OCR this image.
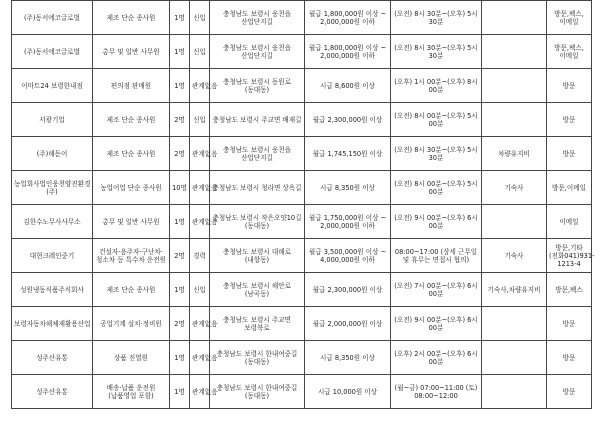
(주)동서에코글로벌	제조 단순 종사원	1명	신입	충청남도 보령시 웅천읍 산업단지길	월급 1,800,000원 이상 ~ 2,000,000원 이하	(오전) 8시 30분~(오후) 5시 30분		방문,팩스,이메일
(주)동서에코글로벌	총무 및 일반 사무원	1명	신입	충청남도 보령시 웅천읍 산업단지길	월급 1,800,000원 이상 ~ 2,000,000원 이하	(오전) 8시 30분~(오후) 5시 30분		방문,팩스,이메일
이마트24 보령한내점	편의점 판매원	1명	관계없음	충청남도 보령시 동원로 (동대동)	시급 8,600원 이상	(오후) 1시 00분~(오후) 8시 00분		방문
서광기업	제조 단순 종사원	2명	신입	충청남도 보령시 주교면 배재길	월급 2,300,000원 이상	(오전) 8시 00분~(오후) 5시 00분		방문
(주)해돋이	제조 단순 종사원	2명	관계없음	충청남도 보령시 웅천읍 산업단지길	월급 1,745,150원 이상	(오전) 8시 30분~(오후) 5시 30분	차량유지비	방문
농업회사법인웅천양진환경(주)	농업어업 단순 종사원	10명	관계없음	충청남도 보령시 청라면 상옥길	시급 8,350원 이상	(오전) 8시 00분~(오후) 5시 00분	기숙사	방문,이메일
김한수노무사사무소	총무 및 일반 사무원	1명	관계없음	충청남도 보령시 작은오얏10길 (동대동)	월급 1,750,000원 이상 ~ 2,000,000원 이하	(오전) 9시 00분~(오후) 6시 00분		이메일
대현크레인중기	건설자·음주자·구난차·청소차 등 특수차 운전원	2명	경력	충청남도 보령시 대해로 (내항동)	월급 3,500,000원 이상 ~ 4,000,000원 이하	08:00~17:00 (상세 근무일 및 휴무는 면접시 협의)	기숙사	방문,기타(전화041)931-1213-4
성원냉동식품주식회사	제조 단순 종사원	1명	신입	충청남도 보령시 해안로 (남곡동)	월급 2,300,000원 이상	(오전) 7시 00분~(오후) 6시 00분	기숙사,차량유지비	방문,팩스
보령자동차해체재활용산업	공업기계 설치·정비원	2명	관계없음	충청남도 보령시 주교면 보령북로	월급 2,000,000원 이상	(오전) 9시 00분~(오후) 6시 00분		방문
성주산유통	상품 진열원	1명	관계없음	충청남도 보령시 한내여중길 (동대동)	시급 8,350원 이상	(오후) 2시 00분~(오후) 6시 00분		방문
성주산유통	배송·납품 운전원(납품영업 포함)	1명	관계없음	충청남도 보령시 한내여중길 (동대동)	시급 10,000원 이상	(월~금) 07:00~11:00 (토) 08:00~12:00		방문
